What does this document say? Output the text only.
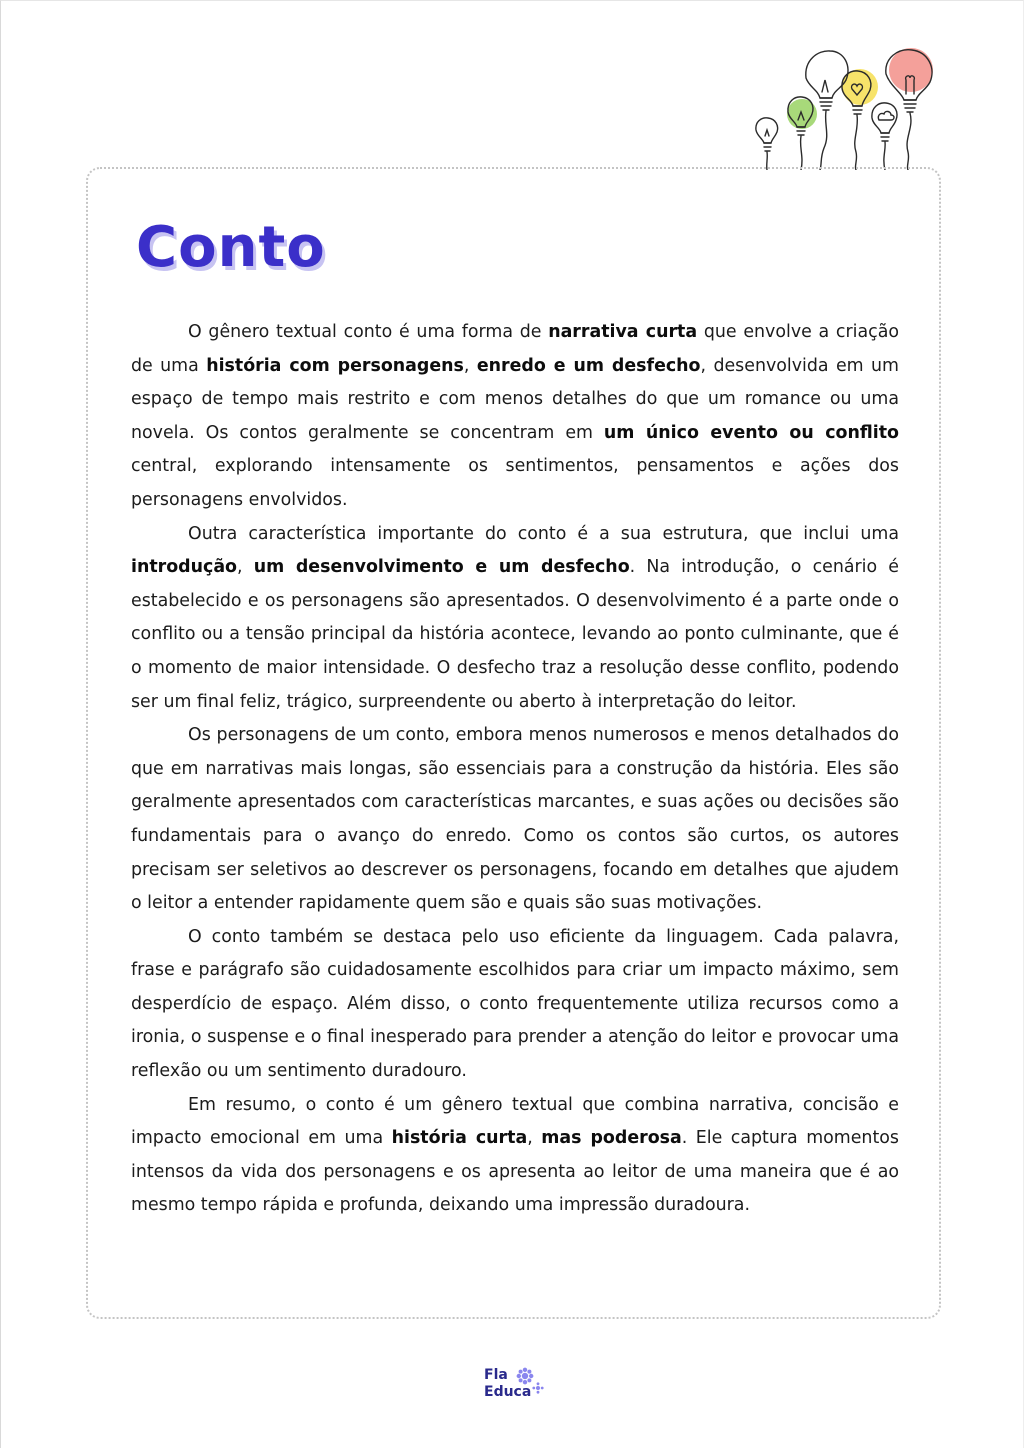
Conto

O gênero textual conto é uma forma de narrativa curta que envolve a criação de uma história com personagens, enredo e um desfecho, desenvolvida em um espaço de tempo mais restrito e com menos detalhes do que um romance ou uma novela. Os contos geralmente se concentram em um único evento ou conflito central, explorando intensamente os sentimentos, pensamentos e ações dos personagens envolvidos.

Outra característica importante do conto é a sua estrutura, que inclui uma introdução, um desenvolvimento e um desfecho. Na introdução, o cenário é estabelecido e os personagens são apresentados. O desenvolvimento é a parte onde o conflito ou a tensão principal da história acontece, levando ao ponto culminante, que é o momento de maior intensidade. O desfecho traz a resolução desse conflito, podendo ser um final feliz, trágico, surpreendente ou aberto à interpretação do leitor.

Os personagens de um conto, embora menos numerosos e menos detalhados do que em narrativas mais longas, são essenciais para a construção da história. Eles são geralmente apresentados com características marcantes, e suas ações ou decisões são fundamentais para o avanço do enredo. Como os contos são curtos, os autores precisam ser seletivos ao descrever os personagens, focando em detalhes que ajudem o leitor a entender rapidamente quem são e quais são suas motivações.

O conto também se destaca pelo uso eficiente da linguagem. Cada palavra, frase e parágrafo são cuidadosamente escolhidos para criar um impacto máximo, sem desperdício de espaço. Além disso, o conto frequentemente utiliza recursos como a ironia, o suspense e o final inesperado para prender a atenção do leitor e provocar uma reflexão ou um sentimento duradouro.

Em resumo, o conto é um gênero textual que combina narrativa, concisão e impacto emocional em uma história curta, mas poderosa. Ele captura momentos intensos da vida dos personagens e os apresenta ao leitor de uma maneira que é ao mesmo tempo rápida e profunda, deixando uma impressão duradoura.

Fla
Educa
